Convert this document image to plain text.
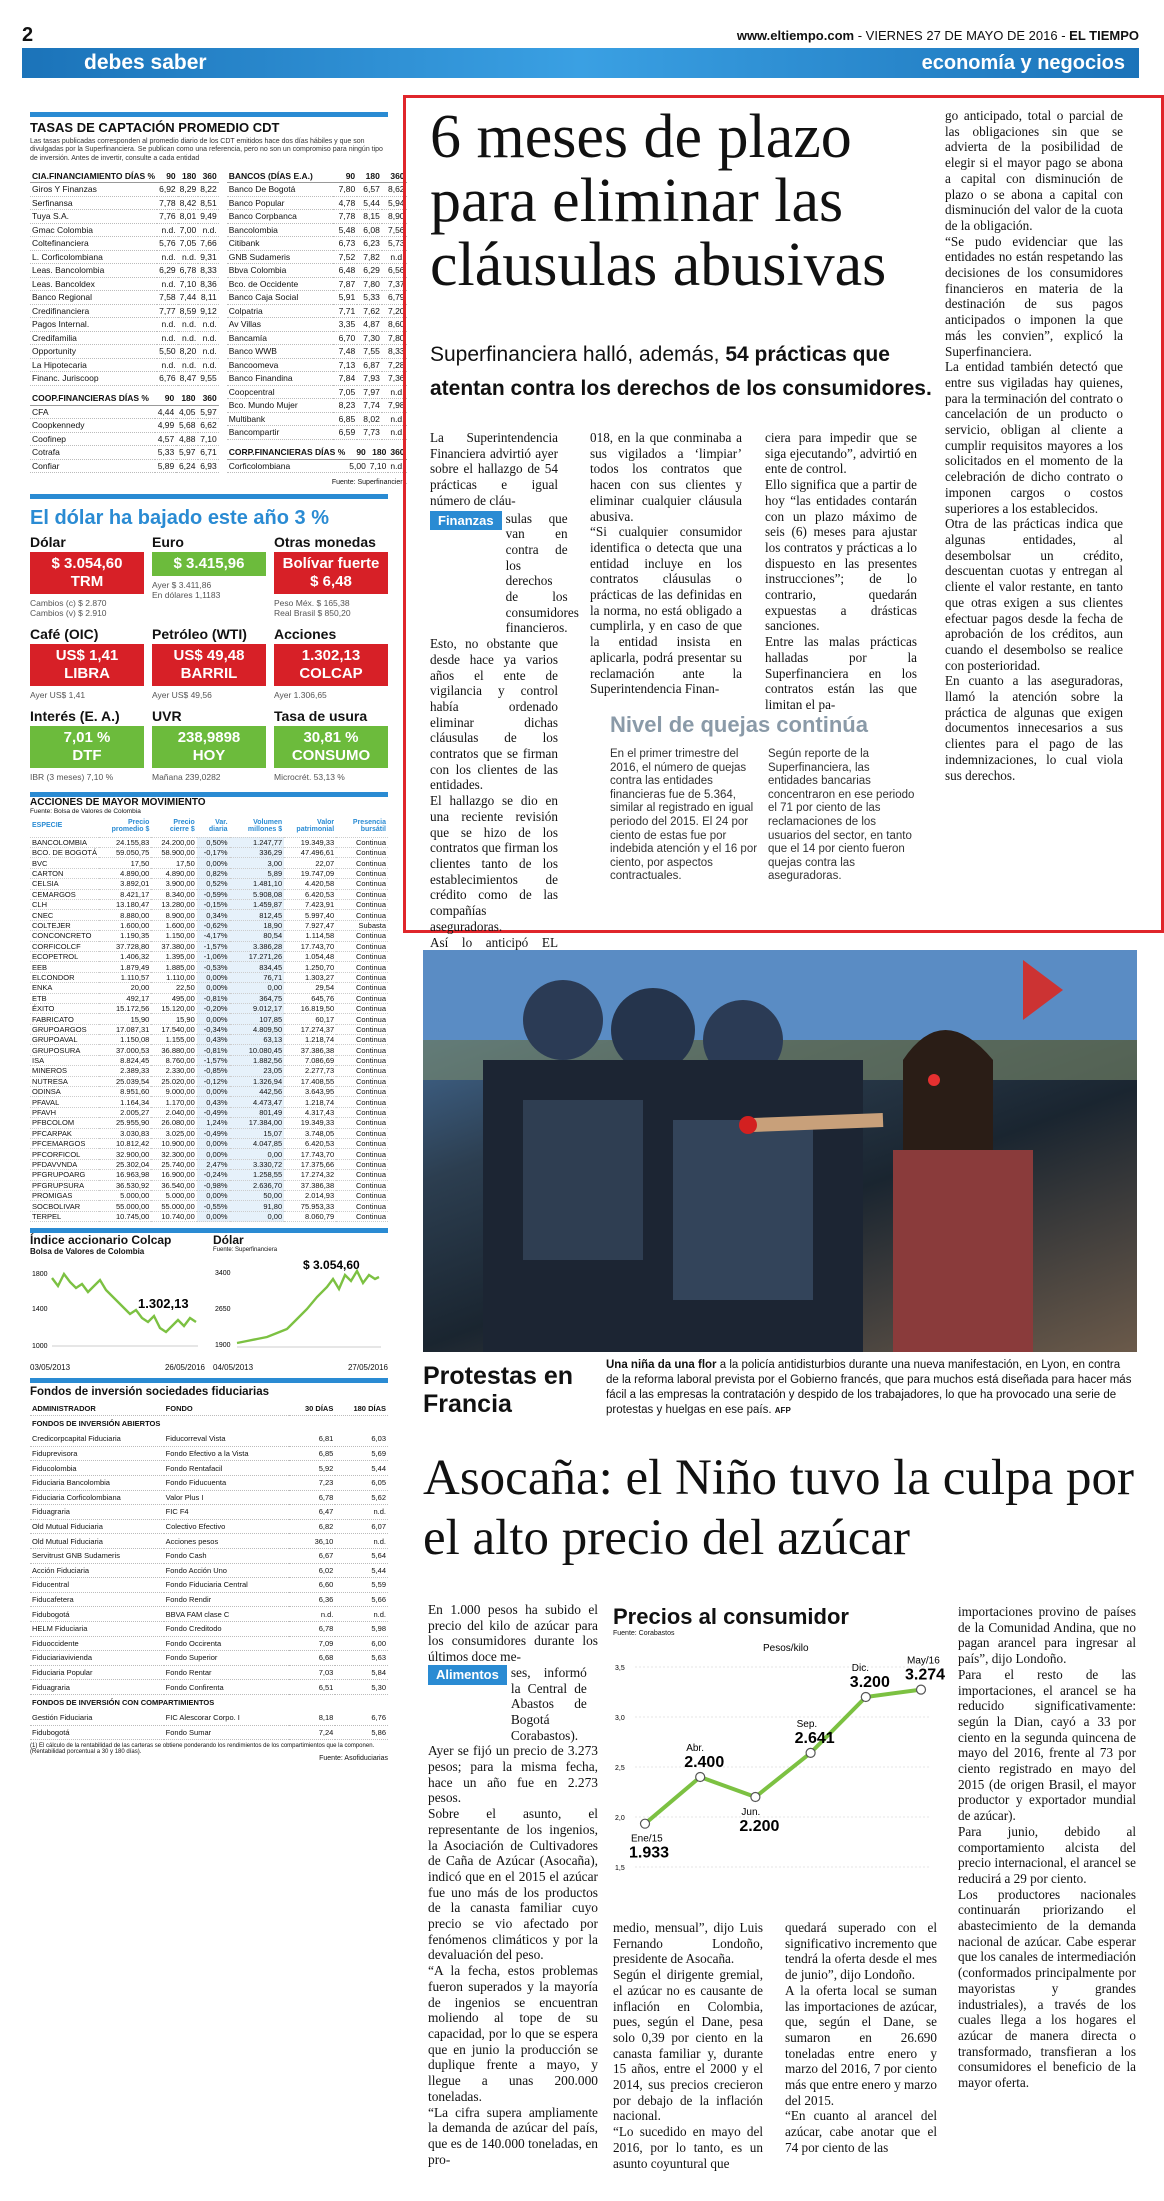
2	www.eltiempo.com - VIERNES 27 DE MAYO DE 2016 - EL TIEMPO
debes saber	economía y negocios
TASAS DE CAPTACIÓN PROMEDIO CDT
Las tasas publicadas corresponden al promedio diario de los CDT emitidos hace dos días hábiles y que son divulgadas por la Superfinanciera. Se publican como una referencia, pero no son un compromiso para ningún tipo de inversión. Antes de invertir, consulte a cada entidad
CIA.FINANCIAMIENTO DÍAS %	90	180	360
Giros Y Finanzas	6,92	8,29	8,22
Serfinansa	7,78	8,42	8,51
Tuya S.A.	7,76	8,01	9,49
Gmac Colombia	n.d.	7,00	n.d.
Coltefinanciera	5,76	7,05	7,66
L. Corficolombiana	n.d.	n.d.	9,31
Leas. Bancolombia	6,29	6,78	8,33
Leas. Bancoldex	n.d.	7,10	8,36
Banco Regional	7,58	7,44	8,11
Credifinanciera	7,77	8,59	9,12
Pagos Internal.	n.d.	n.d.	n.d.
Credifamilia	n.d.	n.d.	n.d.
Opportunity	5,50	8,20	n.d.
La Hipotecaria	n.d.	n.d.	n.d.
Financ. Juriscoop	6,76	8,47	9,55
COOP.FINANCIERAS DÍAS %	90	180	360
CFA	4,44	4,05	5,97
Coopkennedy	4,99	5,68	6,62
Coofinep	4,57	4,88	7,10
Cotrafa	5,33	5,97	6,71
Confiar	5,89	6,24	6,93
BANCOS (DÍAS E.A.)	90	180	360
Banco De Bogotá	7,80	6,57	8,62
Banco Popular	4,78	5,44	5,94
Banco Corpbanca	7,78	8,15	8,90
Bancolombia	5,48	6,08	7,56
Citibank	6,73	6,23	5,73
GNB Sudameris	7,52	7,82	n.d.
Bbva Colombia	6,48	6,29	6,56
Bco. de Occidente	7,87	7,80	7,37
Banco Caja Social	5,91	5,33	6,79
Colpatria	7,71	7,62	7,20
Av Villas	3,35	4,87	8,60
Bancamía	6,70	7,30	7,80
Banco WWB	7,48	7,55	8,33
Bancoomeva	7,13	6,87	7,28
Banco Finandina	7,84	7,93	7,36
Coopcentral	7,05	7,97	n.d.
Bco. Mundo Mujer	8,23	7,74	7,98
Multibank	6,85	8,02	n.d.
Bancompartir	6,59	7,73	n.d.
CORP.FINANCIERAS DÍAS %	90	180	360
Corficolombiana	5,00	7,10	n.d.
Fuente: Superfinanciera
El dólar ha bajado este año 3 %
Dólar
$ 3.054,60
TRM
Cambios (c) $ 2.870
Cambios (v) $ 2.910
Euro
$ 3.415,96
Ayer $ 3.411,86
En dólares 1,1183
Otras monedas
Bolívar fuerte
$ 6,48
Peso Méx. $ 165,38
Real Brasil $ 850,20
Café (OIC)
US$ 1,41
LIBRA
Ayer US$ 1,41
Petróleo (WTI)
US$ 49,48
BARRIL
Ayer US$ 49,56
Acciones
1.302,13
COLCAP
Ayer 1.306,65
Interés (E. A.)
7,01 %
DTF
IBR (3 meses) 7,10 %
UVR
238,9898
HOY
Mañana 239,0282
Tasa de usura
30,81 %
CONSUMO
Microcrét. 53,13 %
ACCIONES DE MAYOR MOVIMIENTO
Fuente: Bolsa de Valores de Colombia
ESPECIE	Precio promedio $	Precio cierre $	Var. diaria	Volumen millones $	Valor patrimonial	Presencia bursátil
BANCOLOMBIA	24.155,83	24.200,00	0,50%	1.247,77	19.349,33	Continua
BCO. DE BOGOTÁ	59.050,75	58.900,00	-0,17%	336,29	47.496,61	Continua
BVC	17,50	17,50	0,00%	3,00	22,07	Continua
CARTON	4.890,00	4.890,00	0,82%	5,89	19.747,09	Continua
CELSIA	3.892,01	3.900,00	0,52%	1.481,10	4.420,58	Continua
CEMARGOS	8.421,17	8.340,00	-0,59%	5.908,08	6.420,53	Continua
CLH	13.180,47	13.280,00	-0,15%	1.459,87	7.423,91	Continua
CNEC	8.880,00	8.900,00	0,34%	812,45	5.997,40	Continua
COLTEJER	1.600,00	1.600,00	-0,62%	18,90	7.927,47	Subasta
CONCONCRETO	1.190,35	1.150,00	-4,17%	80,54	1.114,58	Continua
CORFICOLCF	37.728,80	37.380,00	-1,57%	3.386,28	17.743,70	Continua
ECOPETROL	1.406,32	1.395,00	-1,06%	17.271,26	1.054,48	Continua
EEB	1.879,49	1.885,00	-0,53%	834,45	1.250,70	Continua
ELCONDOR	1.110,57	1.110,00	0,00%	76,71	1.303,27	Continua
ENKA	20,00	22,50	0,00%	0,00	29,54	Continua
ETB	492,17	495,00	-0,81%	364,75	645,76	Continua
ÉXITO	15.172,56	15.120,00	-0,20%	9.012,17	16.819,50	Continua
FABRICATO	15,90	15,90	0,00%	107,85	60,17	Continua
GRUPOARGOS	17.087,31	17.540,00	-0,34%	4.809,50	17.274,37	Continua
GRUPOAVAL	1.150,08	1.155,00	0,43%	63,13	1.218,74	Continua
GRUPOSURA	37.000,53	36.880,00	-0,81%	10.080,45	37.386,38	Continua
ISA	8.824,45	8.760,00	-1,57%	1.882,56	7.086,69	Continua
MINEROS	2.389,33	2.330,00	-0,85%	23,05	2.277,73	Continua
NUTRESA	25.039,54	25.020,00	-0,12%	1.326,94	17.408,55	Continua
ODINSA	8.951,60	9.000,00	0,00%	442,56	3.643,95	Continua
PFAVAL	1.164,34	1.170,00	0,43%	4.473,47	1.218,74	Continua
PFAVH	2.005,27	2.040,00	-0,49%	801,49	4.317,43	Continua
PFBCOLOM	25.955,90	26.080,00	1,24%	17.384,00	19.349,33	Continua
PFCARPAK	3.030,83	3.025,00	-0,49%	15,07	3.748,05	Continua
PFCEMARGOS	10.812,42	10.900,00	0,00%	4.047,85	6.420,53	Continua
PFCORFICOL	32.900,00	32.300,00	0,00%	0,00	17.743,70	Continua
PFDAVVNDA	25.302,04	25.740,00	2,47%	3.330,72	17.375,66	Continua
PFGRUPOARG	16.963,98	16.900,00	-0,24%	1.258,55	17.274,32	Continua
PFGRUPSURA	36.530,92	36.540,00	-0,98%	2.636,70	37.386,38	Continua
PROMIGAS	5.000,00	5.000,00	0,00%	50,00	2.014,93	Continua
SOCBOLIVAR	55.000,00	55.000,00	-0,55%	91,80	75.953,33	Continua
TERPEL	10.745,00	10.740,00	0,00%	0,00	8.060,79	Continua
Índice accionario Colcap
Bolsa de Valores de Colombia
1800
1400
1000
1.302,13
03/05/2013	26/05/2016
Dólar
Fuente: Superfinanciera
3400
2650
1900
$ 3.054,60
04/05/2013	27/05/2016
Fondos de inversión sociedades fiduciarias
ADMINISTRADOR	FONDO	30 DÍAS	180 DÍAS
FONDOS DE INVERSIÓN ABIERTOS			
Credicorpcapital Fiduciaria	Fiducorreval Vista	6,81	6,03
Fiduprevisora	Fondo Efectivo a la Vista	6,85	5,69
Fiducolombia	Fondo Rentafacil	5,92	5,44
Fiduciaria Bancolombia	Fondo Fiducuenta	7,23	6,05
Fiduciaria Corficolombiana	Valor Plus I	6,78	5,62
Fiduagraria	FIC F4	6,47	n.d.
Old Mutual Fiduciaria	Colectivo Efectivo	6,82	6,07
Old Mutual Fiduciaria	Acciones pesos	36,10	n.d.
Servitrust GNB Sudameris	Fondo Cash	6,67	5,64
Acción Fiduciaria	Fondo Acción Uno	6,02	5,44
Fiducentral	Fondo Fiduciaria Central	6,60	5,59
Fiducafetera	Fondo Rendir	6,36	5,66
Fidubogotá	BBVA FAM clase C	n.d.	n.d.
HELM Fiduciaria	Fondo Creditodo	6,78	5,98
Fiduoccidente	Fondo Occirenta	7,09	6,00
Fiduciariavivienda	Fondo Superior	6,68	5,63
Fiduciaria Popular	Fondo Rentar	7,03	5,84
Fiduagraria	Fondo Confirenta	6,51	5,30
FONDOS DE INVERSIÓN CON COMPARTIMIENTOS			
Gestión Fiduciaria	FIC Alescorar Corpo. I	8,18	6,76
Fidubogotá	Fondo Sumar	7,24	5,86
(1) El cálculo de la rentabilidad de las carteras se obtiene ponderando los rendimientos de los compartimientos que la componen. (Rentabilidad porcentual a 30 y 180 días).
Fuente: Asofiduciarias
6 meses de plazo para eliminar las cláusulas abusivas
Superfinanciera halló, además, 54 prácticas que atentan contra los derechos de los consumidores.

La Superintendencia Financiera advirtió ayer sobre el hallazgo de 54 prácticas e igual número de cláu-

Finanzas sulas que van en contra de los derechos de los consumidores financieros.

Esto, no obstante que desde hace ya varios años el ente de vigilancia y control había ordenado eliminar dichas cláusulas de los contratos que se firman con los clientes de las entidades.
El hallazgo se dio en una reciente revisión que se hizo de los contratos que firman los clientes tanto de los establecimientos de crédito como de las compañías aseguradoras.
Así lo anticipó EL

018, en la que conminaba a sus vigilados a ‘limpiar’ todos los contratos que hacen con sus clientes y eliminar cualquier cláusula abusiva.
“Si cualquier consumidor identifica o detecta que una entidad incluye en los contratos cláusulas o prácticas de las definidas en la norma, no está obligado a cumplirla, y en caso de que la entidad insista en aplicarla, podrá presentar su reclamación ante la Superintendencia Finan-
ciera para impedir que se siga ejecutando”, advirtió en ente de control.
Ello significa que a partir de hoy “las entidades contarán con un plazo máximo de seis (6) meses para ajustar los contratos y prácticas a lo dispuesto en las presentes instrucciones”; de lo contrario, quedarán expuestas a drásticas sanciones.
Entre las malas prácticas halladas por la Superfinanciera en los contratos están las que limitan el pa-
go anticipado, total o parcial de las obligaciones sin que se advierta de la posibilidad de elegir si el mayor pago se abona a capital con disminución de plazo o se abona a capital con disminución del valor de la cuota de la obligación.
“Se pudo evidenciar que las entidades no están respetando las decisiones de los consumidores financieros en materia de la destinación de sus pagos anticipados o imponen la que más les convien”, explicó la Superfinanciera.
La entidad también detectó que entre sus vigiladas hay quienes, para la terminación del contrato o cancelación de un producto o servicio, obligan al cliente a cumplir requisitos mayores a los solicitados en el momento de la celebración de dicho contrato o imponen cargos o costos superiores a los establecidos.
Otra de las prácticas indica que algunas entidades, al desembolsar un crédito, descuentan cuotas y entregan al cliente el valor restante, en tanto que otras exigen a sus clientes efectuar pagos desde la fecha de aprobación de los créditos, aun cuando el desembolso se realice con posterioridad.
En cuanto a las aseguradoras, llamó la atención sobre la práctica de algunas que exigen documentos innecesarios a sus clientes para el pago de las indemnizaciones, lo cual viola sus derechos.
Nivel de quejas continúa
En el primer trimestre del 2016, el número de quejas contra las entidades financieras fue de 5.364, similar al registrado en igual periodo del 2015. El 24 por ciento de estas fue por indebida atención y el 16 por ciento, por aspectos contractuales.
Según reporte de la Superfinanciera, las entidades bancarias concentraron en ese periodo el 71 por ciento de las reclamaciones de los usuarios del sector, en tanto que el 14 por ciento fueron quejas contra las aseguradoras.
Protestas en Francia
Una niña da una flor a la policía antidisturbios durante una nueva manifestación, en Lyon, en contra de la reforma laboral prevista por el Gobierno francés, que para muchos está diseñada para hacer más fácil a las empresas la contratación y despido de los trabajadores, lo que ha provocado una serie de protestas y huelgas en ese país. AFP
Asocaña: el Niño tuvo la culpa por el alto precio del azúcar

En 1.000 pesos ha subido el precio del kilo de azúcar para los consumidores durante los últimos doce me-

Alimentos ses, informó la Central de Abastos de Bogotá Corabastos).

Ayer se fijó un precio de 3.273 pesos; para la misma fecha, hace un año fue en 2.273 pesos.
Sobre el asunto, el representante de los ingenios, la Asociación de Cultivadores de Caña de Azúcar (Asocaña), indicó que en el 2015 el azúcar fue uno más de los productos de la canasta familiar cuyo precio se vio afectado por fenómenos climáticos y por la devaluación del peso.
“A la fecha, estos problemas fueron superados y la mayoría de ingenios se encuentran moliendo al tope de su capacidad, por lo que se espera que en junio la producción se duplique frente a mayo, y llegue a unas 200.000 toneladas.
“La cifra supera ampliamente la demanda de azúcar del país, que es de 140.000 toneladas, en pro-

medio, mensual”, dijo Luis Fernando Londoño, presidente de Asocaña.
Según el dirigente gremial, el azúcar no es causante de inflación en Colombia, pues, según el Dane, pesa solo 0,39 por ciento en la canasta familiar y, durante 15 años, entre el 2000 y el 2014, sus precios crecieron por debajo de la inflación nacional.
“Lo sucedido en mayo del 2016, por lo tanto, es un asunto coyuntural que
quedará superado con el significativo incremento que tendrá la oferta desde el mes de junio”, dijo Londoño.
A la oferta local se suman las importaciones de azúcar, que, según el Dane, se sumaron en 26.690 toneladas entre enero y marzo del 2016, 7 por ciento más que entre enero y marzo del 2015.
“En cuanto al arancel del azúcar, cabe anotar que el 74 por ciento de las
importaciones provino de países de la Comunidad Andina, que no pagan arancel para ingresar al país”, dijo Londoño.
Para el resto de las importaciones, el arancel se ha reducido significativamente: según la Dian, cayó a 33 por ciento en la segunda quincena de mayo del 2016, frente al 73 por ciento registrado en mayo del 2015 (de origen Brasil, el mayor productor y exportador mundial de azúcar).
Para junio, debido al comportamiento alcista del precio internacional, el arancel se reducirá a 29 por ciento.
Los productores nacionales continuarán priorizando el abastecimiento de la demanda nacional de azúcar. Cabe esperar que los canales de intermediación (conformados principalmente por mayoristas y grandes industriales), a través de los cuales llega a los hogares el azúcar de manera directa o transformado, transfieran a los consumidores el beneficio de la mayor oferta.
Precios al consumidor
Fuente: Corabastos
Pesos/kilo
3,5
3,0
2,5
2,0
1,5
Ene/15
1.933
Abr.
2.400
Jun.
2.200
Sep.
2.641
Dic.
3.200
May/16
3.274
